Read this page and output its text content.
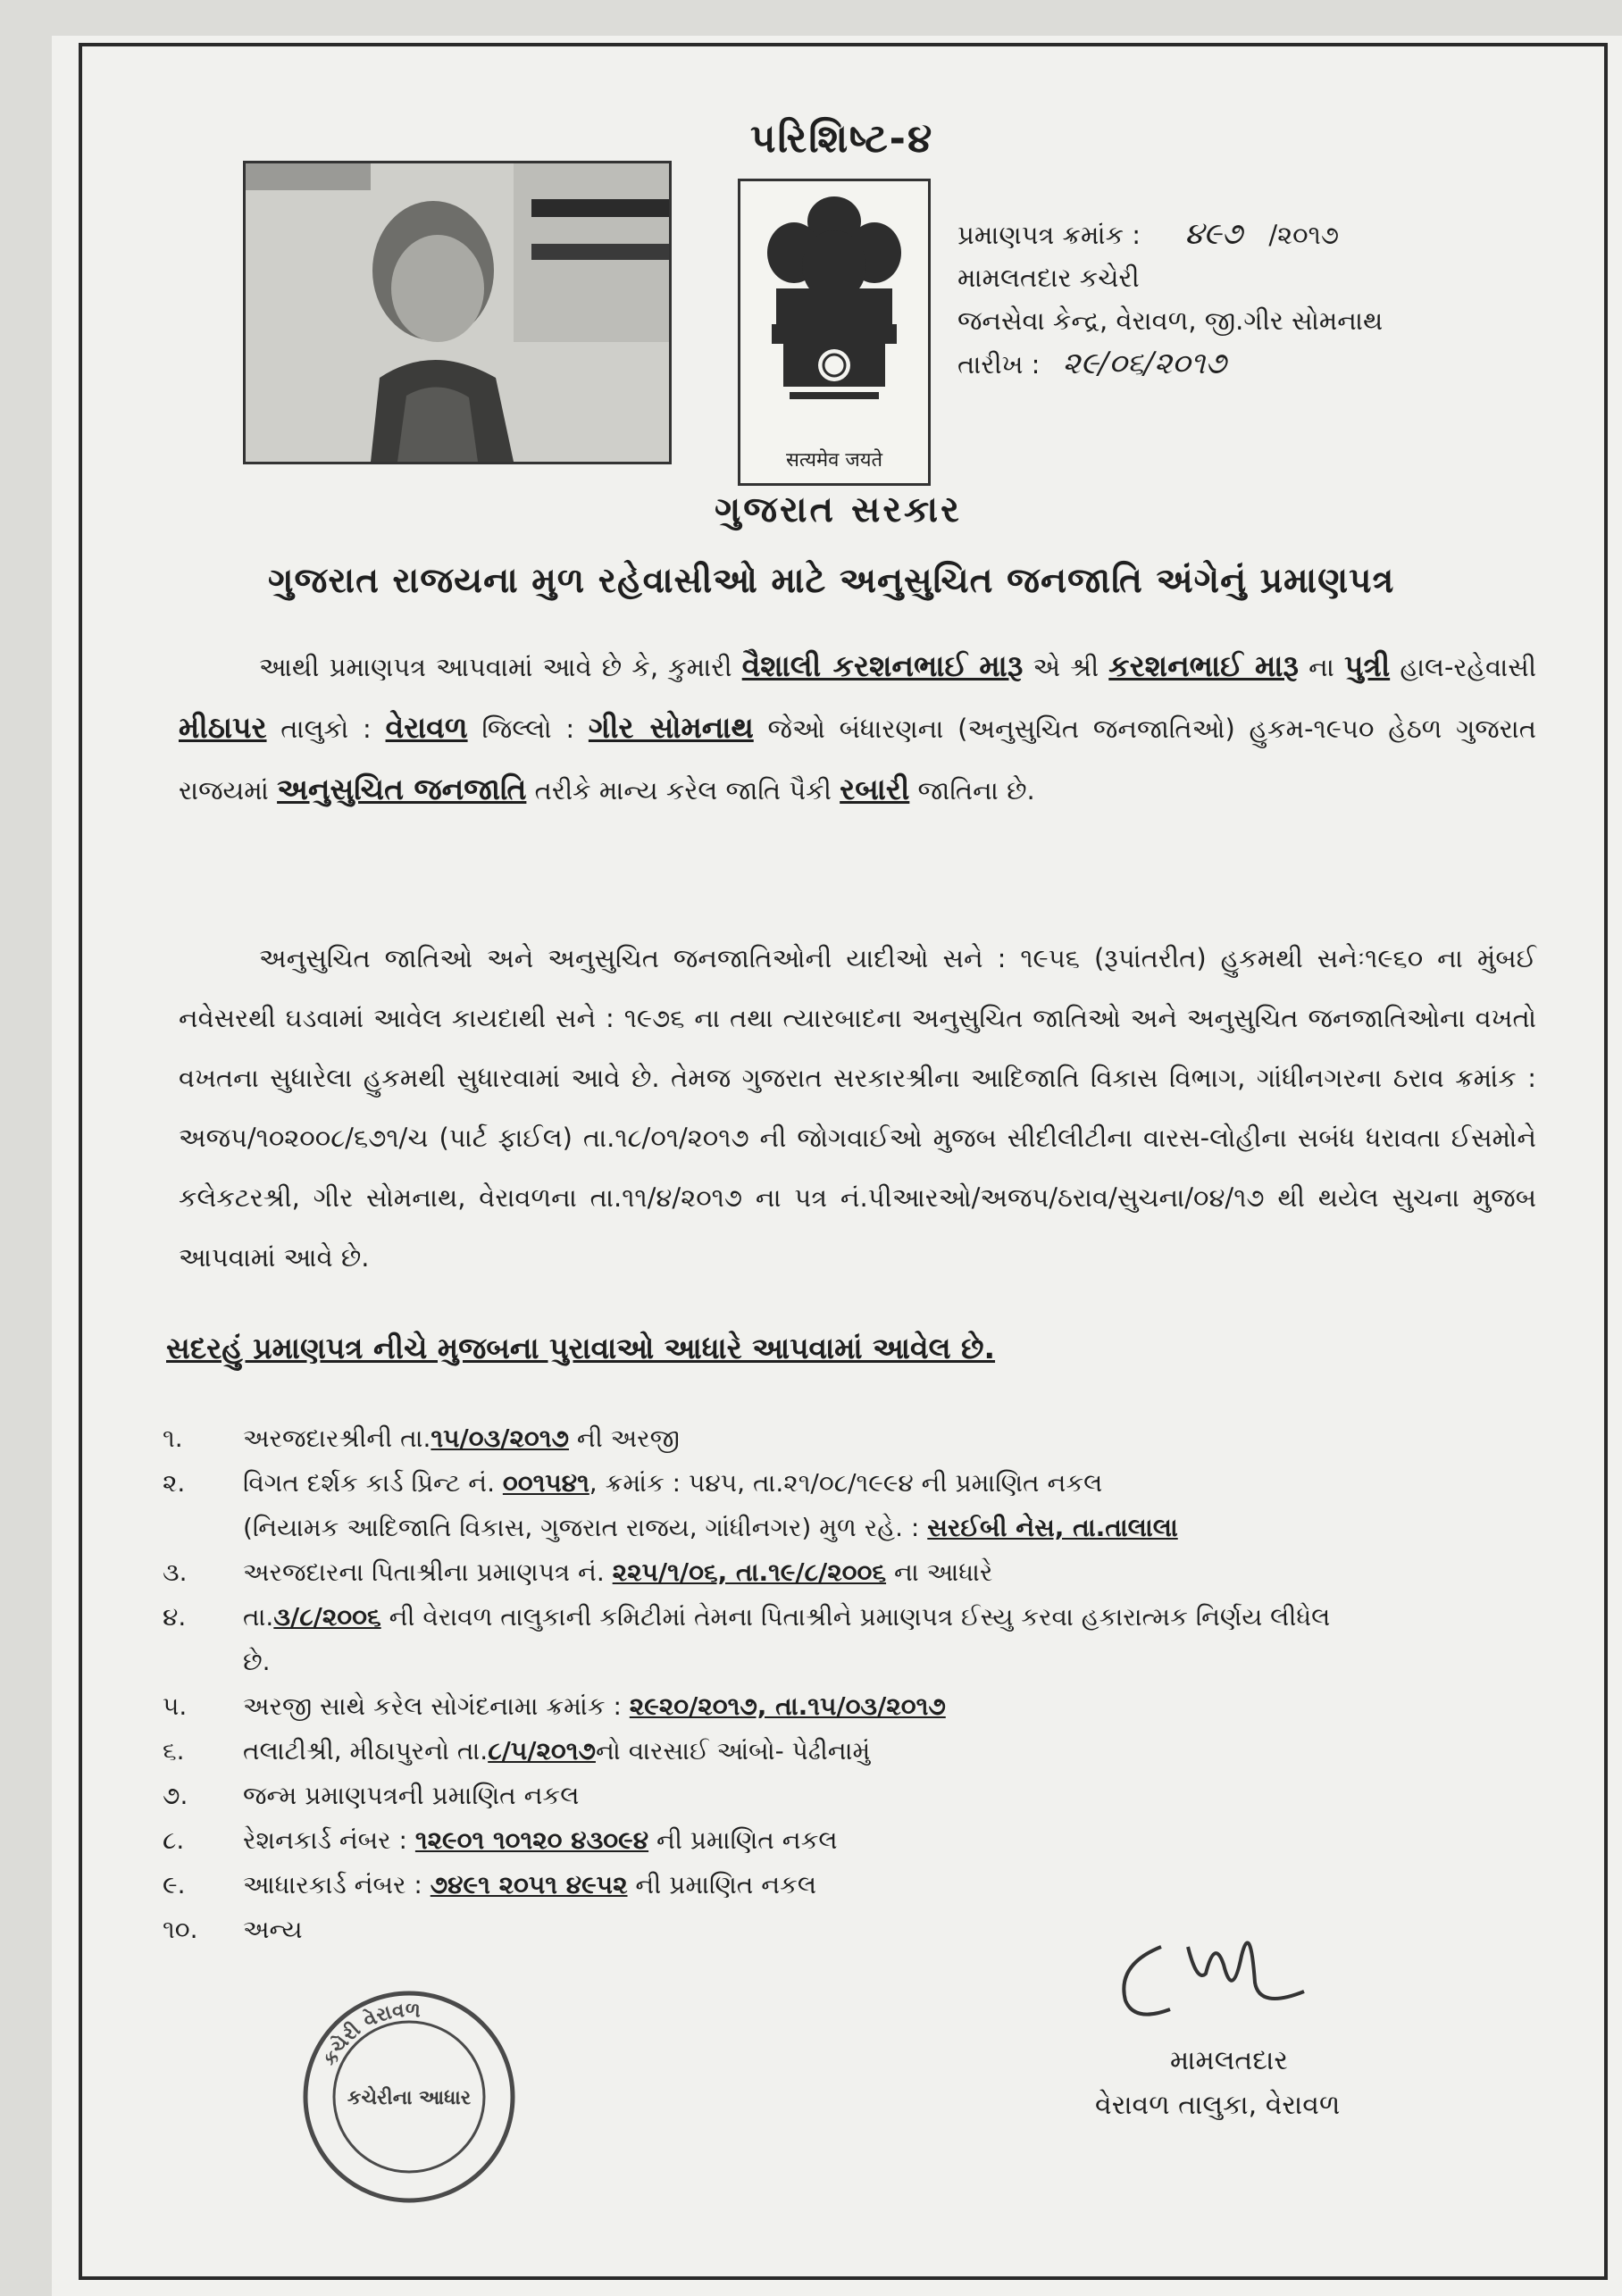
પરિશિષ્ટ-૪
सत्यमेव जयते
ગુજરાત સરકાર
પ્રમાણપત્ર ક્રમાંક : ૪૯૭ /૨૦૧૭
મામલતદાર કચેરી
જનસેવા કેન્દ્ર, વેરાવળ, જી.ગીર સોમનાથ
તારીખ : ૨૯/૦૬/૨૦૧૭
ગુજરાત રાજયના મુળ રહેવાસીઓ માટે અનુસુચિત જનજાતિ અંગેનું પ્રમાણપત્ર

આથી પ્રમાણપત્ર આપવામાં આવે છે કે, કુમારી વૈશાલી કરશનભાઈ મારૂ એ શ્રી કરશનભાઈ મારૂ ના પુત્રી હાલ-રહેવાસી મીઠાપર તાલુકો : વેરાવળ જિલ્લો : ગીર સોમનાથ જેઓ બંધારણના (અનુસુચિત જનજાતિઓ) હુકમ-૧૯૫૦ હેઠળ ગુજરાત રાજયમાં અનુસુચિત જનજાતિ તરીકે માન્ય કરેલ જાતિ પૈકી રબારી જાતિના છે.

અનુસુચિત જાતિઓ અને અનુસુચિત જનજાતિઓની યાદીઓ સને : ૧૯૫૬ (રૂપાંતરીત) હુકમથી સનેઃ૧૯૬૦ ના મુંબઈ નવેસરથી ઘડવામાં આવેલ કાયદાથી સને : ૧૯૭૬ ના તથા ત્યારબાદના અનુસુચિત જાતિઓ અને અનુસુચિત જનજાતિઓના વખતો વખતના સુધારેલા હુકમથી સુધારવામાં આવે છે. તેમજ ગુજરાત સરકારશ્રીના આદિજાતિ વિકાસ વિભાગ, ગાંધીનગરના ઠરાવ ક્રમાંક : અજપ/૧૦૨૦૦૮/૬૭૧/ચ (પાર્ટ ફાઈલ) તા.૧૮/૦૧/૨૦૧૭ ની જોગવાઈઓ મુજબ સીદીલીટીના વારસ-લોહીના સબંધ ધરાવતા ઈસમોને કલેકટરશ્રી, ગીર સોમનાથ, વેરાવળના તા.૧૧/૪/૨૦૧૭ ના પત્ર નં.પીઆરઓ/અજપ/ઠરાવ/સુચના/૦૪/૧૭ થી થયેલ સુચના મુજબ આપવામાં આવે છે.

સદરહું પ્રમાણપત્ર નીચે મુજબના પુરાવાઓ આધારે આપવામાં આવેલ છે.
૧.	અરજદારશ્રીની તા.૧૫/૦૩/૨૦૧૭ ની અરજી
૨.	વિગત દર્શક કાર્ડ પ્રિન્ટ નં. ૦૦૧૫૪૧, ક્રમાંક : ૫૪૫, તા.૨૧/૦૮/૧૯૯૪ ની પ્રમાણિત નકલ
(નિયામક આદિજાતિ વિકાસ, ગુજરાત રાજય, ગાંધીનગર) મુળ રહે. : સરઈબી નેસ, તા.તાલાલા
૩.	અરજદારના પિતાશ્રીના પ્રમાણપત્ર નં. ૨૨૫/૧/૦૬, તા.૧૯/૮/૨૦૦૬ ના આધારે
૪.	તા.૩/૮/૨૦૦૬ ની વેરાવળ તાલુકાની કમિટીમાં તેમના પિતાશ્રીને પ્રમાણપત્ર ઈસ્યુ કરવા હકારાત્મક નિર્ણય લીધેલ
છે.
૫.	અરજી સાથે કરેલ સોગંદનામા ક્રમાંક : ૨૯૨૦/૨૦૧૭, તા.૧૫/૦૩/૨૦૧૭
૬.	તલાટીશ્રી, મીઠાપુરનો તા.૮/૫/૨૦૧૭નો વારસાઈ આંબો- પેઢીનામું
૭.	જન્મ પ્રમાણપત્રની પ્રમાણિત નકલ
૮.	રેશનકાર્ડ નંબર : ૧૨૯૦૧ ૧૦૧૨૦ ૪૩૦૯૪ ની પ્રમાણિત નકલ
૯.	આધારકાર્ડ નંબર : ૭૪૯૧ ૨૦૫૧ ૪૯૫૨ ની પ્રમાણિત નકલ
૧૦.	અન્ય
કચેરી વેરાવળ
કચેરીના આધાર
મામલતદાર
વેરાવળ તાલુકા, વેરાવળ
